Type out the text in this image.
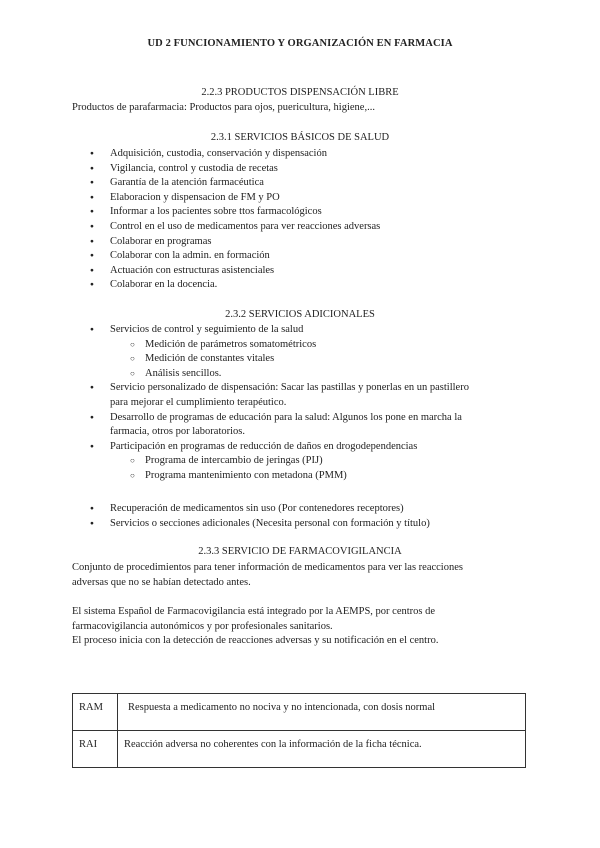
UD 2 FUNCIONAMIENTO Y ORGANIZACIÓN EN FARMACIA
2.2.3 PRODUCTOS DISPENSACIÓN LIBRE
Productos de parafarmacia: Productos para ojos, puericultura, higiene,...
2.3.1 SERVICIOS BÁSICOS DE SALUD
● Adquisición, custodia, conservación y dispensación
● Vigilancia, control y custodia de recetas
● Garantía de la atención farmacéutica
● Elaboracion y dispensacion de FM y PO
● Informar a los pacientes sobre ttos farmacológicos
● Control en el uso de medicamentos para ver reacciones adversas
● Colaborar en programas
● Colaborar con la admin. en formación
● Actuación con estructuras asistenciales
● Colaborar en la docencia.
2.3.2 SERVICIOS ADICIONALES
● Servicios de control y seguimiento de la salud
○ Medición de parámetros somatométricos
○ Medición de constantes vitales
○ Análisis sencillos.
● Servicio personalizado de dispensación: Sacar las pastillas y ponerlas en un pastillero
para mejorar el cumplimiento terapéutico.
● Desarrollo de programas de educación para la salud: Algunos los pone en marcha la
farmacia, otros por laboratorios.
● Participación en programas de reducción de daños en drogodependencias
○ Programa de intercambio de jeringas (PIJ)
○ Programa mantenimiento con metadona (PMM)
● Recuperación de medicamentos sin uso (Por contenedores receptores)
● Servicios o secciones adicionales (Necesita personal con formación y título)
2.3.3 SERVICIO DE FARMACOVIGILANCIA
Conjunto de procedimientos para tener información de medicamentos para ver las reacciones
adversas que no se habían detectado antes.
El sistema Español de Farmacovigilancia está integrado por la AEMPS, por centros de
farmacovigilancia autonómicos y por profesionales sanitarios.
El proceso inicia con la detección de reacciones adversas y su notificación en el centro.
RAM	Respuesta a medicamento no nociva y no intencionada, con dosis normal
RAI	Reacción adversa no coherentes con la información de la ficha técnica.
